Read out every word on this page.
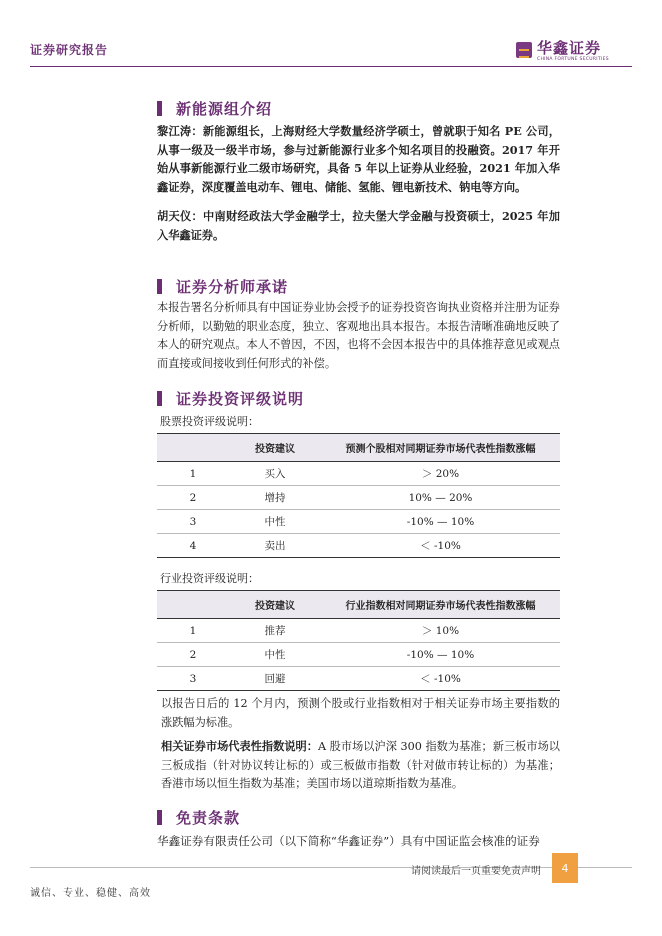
证券研究报告	华鑫证券
CHINA FORTUNE SECURITIES
新能源组介绍
黎江涛：新能源组长，上海财经大学数量经济学硕士，曾就职于知名 PE 公司，从事一级及一级半市场，参与过新能源行业多个知名项目的投融资。2017 年开始从事新能源行业二级市场研究，具备 5 年以上证券从业经验，2021 年加入华鑫证券，深度覆盖电动车、锂电、储能、氢能、锂电新技术、钠电等方向。
胡天仪：中南财经政法大学金融学士，拉夫堡大学金融与投资硕士，2025 年加入华鑫证券。
证券分析师承诺
本报告署名分析师具有中国证券业协会授予的证券投资咨询执业资格并注册为证券分析师，以勤勉的职业态度，独立、客观地出具本报告。本报告清晰准确地反映了本人的研究观点。本人不曾因，不因，也将不会因本报告中的具体推荐意见或观点而直接或间接收到任何形式的补偿。
证券投资评级说明
股票投资评级说明：
	投资建议	预测个股相对同期证券市场代表性指数涨幅
1	买入	＞ 20%
2	增持	10% — 20%
3	中性	-10% — 10%
4	卖出	＜ -10%
行业投资评级说明：
	投资建议	行业指数相对同期证券市场代表性指数涨幅
1	推荐	＞ 10%
2	中性	-10% — 10%
3	回避	＜ -10%
以报告日后的 12 个月内，预测个股或行业指数相对于相关证券市场主要指数的涨跌幅为标准。
相关证券市场代表性指数说明：A 股市场以沪深 300 指数为基准；新三板市场以三板成指（针对协议转让标的）或三板做市指数（针对做市转让标的）为基准；香港市场以恒生指数为基准；美国市场以道琼斯指数为基准。
免责条款
华鑫证券有限责任公司（以下简称“华鑫证券”）具有中国证监会核准的证券
请阅读最后一页重要免责声明	4
诚信、专业、稳健、高效
